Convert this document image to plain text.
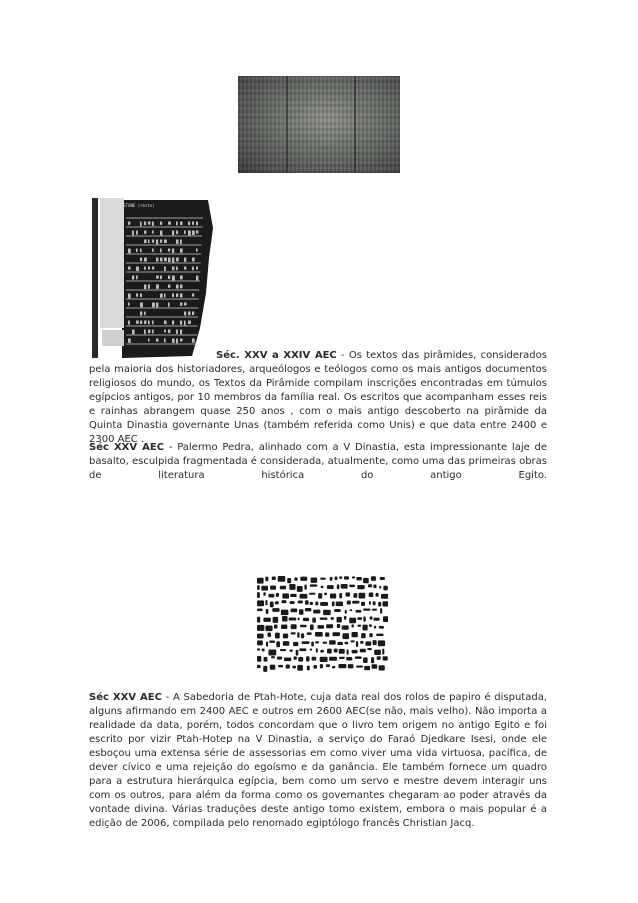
PALERMO STONE (recto)

Séc. XXV a XXIV AEC - Os textos das pirâmides, considerados pela maioria dos historiadores, arqueólogos e teólogos como os mais antigos documentos religiosos do mundo, os Textos da Pirâmide compilam inscrições encontradas em túmulos egípcios antigos, por 10 membros da família real. Os escritos que acompanham esses reis e rainhas abrangem quase 250 anos , com o mais antigo descoberto na pirâmide da Quinta Dinastia governante Unas (também referida como Unis) e que data entre 2400 e 2300 AEC .

Séc XXV AEC - Palermo Pedra, alinhado com a V Dinastia, esta impressionante laje de basalto, esculpida fragmentada é considerada, atualmente, como uma das primeiras obras de literatura histórica do antigo Egito.

Séc XXV AEC - A Sabedoria de Ptah-Hote, cuja data real dos rolos de papiro é disputada, alguns afirmando em 2400 AEC e outros em 2600 AEC(se não, mais velho). Não importa a realidade da data, porém, todos concordam que o livro tem origem no antigo Egito e foi escrito por vizir Ptah-Hotep na V Dinastia, a serviço do Faraó Djedkare Isesi, onde ele esboçou uma extensa série de assessorias em como viver uma vida virtuosa, pacífica, de dever cívico e uma rejeição do egoísmo e da ganância. Ele também fornece um quadro para a estrutura hierárquica egípcia, bem como um servo e mestre devem interagir uns com os outros, para além da forma como os governantes chegaram ao poder através da vontade divina. Várias traduções deste antigo tomo existem, embora o mais popular é a edição de 2006, compilada pelo renomado egiptólogo francês Christian Jacq.
